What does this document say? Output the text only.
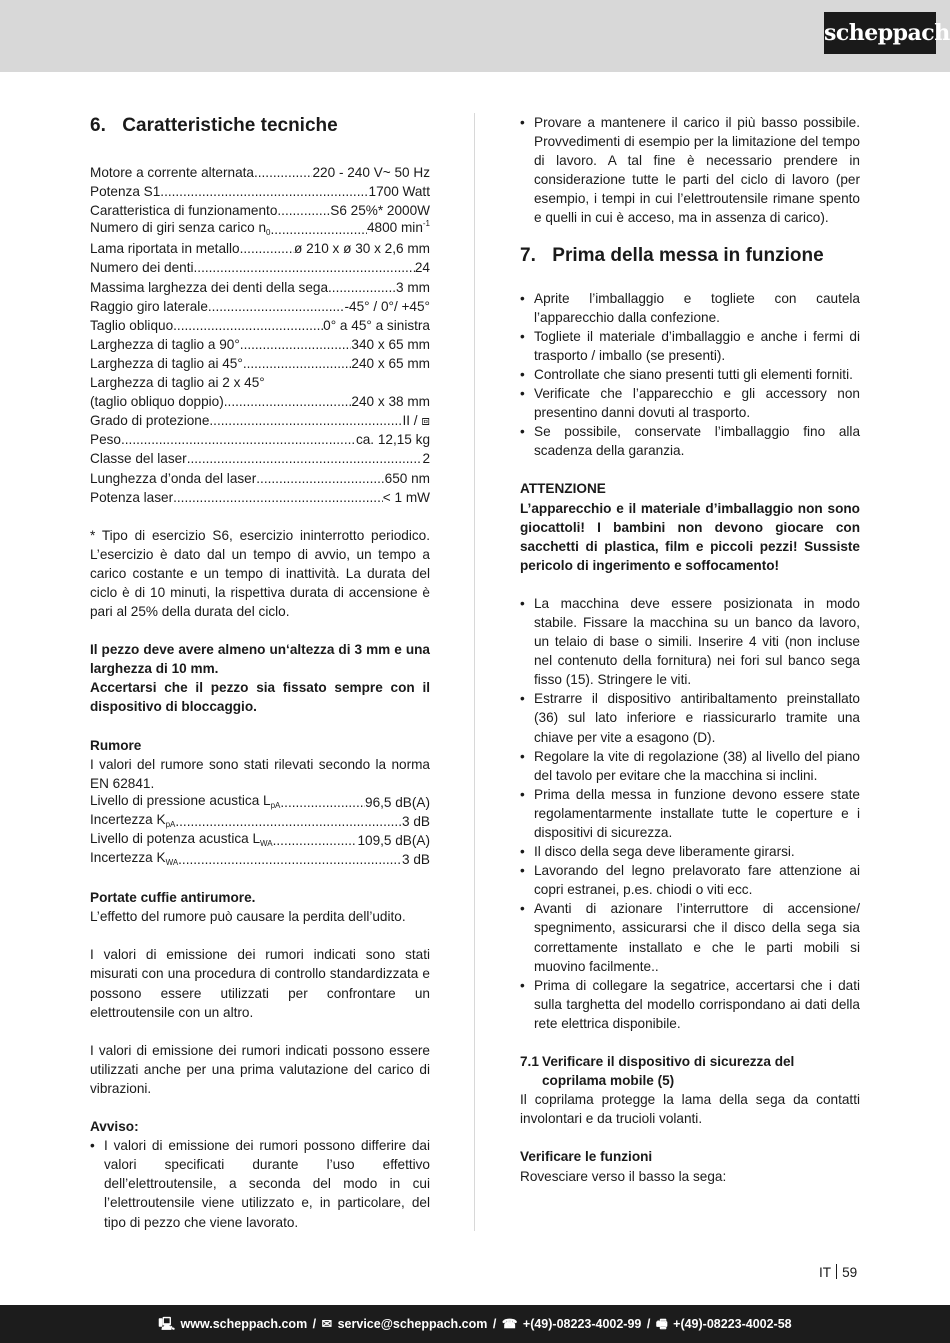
scheppach
6. Caratteristiche tecniche
Motore a corrente alternata .....	220 - 240 V~ 50 Hz
Potenza S1 .....	1700 Watt
Caratteristica di funzionamento .....	S6 25%* 2000W
Numero di giri senza carico $n_0$ .....	4800 $\min^{-1}$
Lama riportata in metallo .....	ø 210 x ø 30 x 2,6 mm
Numero dei denti .....	24
Massima larghezza dei denti della sega .....	3 mm
Raggio giro laterale .....	-45° / 0°/ +45°
Taglio obliquo .....	0° a 45° a sinistra
Larghezza di taglio a 90° .....	340 x 65 mm
Larghezza di taglio ai 45° .....	240 x 65 mm
Larghezza di taglio ai 2 x 45°
(taglio obliquo doppio) .....	240 x 38 mm
Grado di protezione .....	II / ⧈
Peso .....	ca. 12,15 kg
Classe del laser .....	2
Lunghezza d’onda del laser .....	650 nm
Potenza laser .....	< 1 mW

* Tipo di esercizio S6, esercizio ininterrotto periodico. L’esercizio è dato dal un tempo di avvio, un tempo a carico costante e un tempo di inattività. La durata del ciclo è di 10 minuti, la rispettiva durata di accensione è pari al 25% della durata del ciclo.

Il pezzo deve avere almeno un‘altezza di 3 mm e una larghezza di 10 mm.

Accertarsi che il pezzo sia fissato sempre con il dispositivo di bloccaggio.

Rumore

I valori del rumore sono stati rilevati secondo la norma EN 62841.

Livello di pressione acustica $L_{pA}$ .....	96,5 dB(A)
Incertezza $K_{pA}$ .....	3 dB
Livello di potenza acustica $L_{WA}$ .....	109,5 dB(A)
Incertezza $K_{WA}$ .....	3 dB
Portate cuffie antirumore.

L’effetto del rumore può causare la perdita dell’udito.

I valori di emissione dei rumori indicati sono stati misurati con una procedura di controllo standardizzata e possono essere utilizzati per confrontare un elettroutensile con un altro.

I valori di emissione dei rumori indicati possono essere utilizzati anche per una prima valutazione del carico di vibrazioni.

Avviso:
• I valori di emissione dei rumori possono differire dai valori specificati durante l’uso effettivo dell’elettroutensile, a seconda del modo in cui l’elettroutensile viene utilizzato e, in particolare, del tipo di pezzo che viene lavorato.
• Provare a mantenere il carico il più basso possibile. Provvedimenti di esempio per la limitazione del tempo di lavoro. A tal fine è necessario prendere in considerazione tutte le parti del ciclo di lavoro (per esempio, i tempi in cui l’elettroutensile rimane spento e quelli in cui è acceso, ma in assenza di carico).
7. Prima della messa in funzione
• Aprite l’imballaggio e togliete con cautela l’apparecchio dalla confezione.
• Togliete il materiale d’imballaggio e anche i fermi di trasporto / imballo (se presenti).
• Controllate che siano presenti tutti gli elementi forniti.
• Verificate che l’apparecchio e gli accessory non presentino danni dovuti al trasporto.
• Se possibile, conservate l’imballaggio fino alla scadenza della garanzia.
ATTENZIONE

L’apparecchio e il materiale d’imballaggio non sono giocattoli! I bambini non devono giocare con sacchetti di plastica, film e piccoli pezzi! Sussiste pericolo di ingerimento e soffocamento!

• La macchina deve essere posizionata in modo stabile. Fissare la macchina su un banco da lavoro, un telaio di base o simili. Inserire 4 viti (non incluse nel contenuto della fornitura) nei fori sul banco sega fisso (15). Stringere le viti.
• Estrarre il dispositivo antiribaltamento preinstallato (36) sul lato inferiore e riassicurarlo tramite una chiave per vite a esagono (D).
• Regolare la vite di regolazione (38) al livello del piano del tavolo per evitare che la macchina si inclini.
• Prima della messa in funzione devono essere state regolamentarmente installate tutte le coperture e i dispositivi di sicurezza.
• Il disco della sega deve liberamente girarsi.
• Lavorando del legno prelavorato fare attenzione ai copri estranei, p.es. chiodi o viti ecc.
• Avanti di azionare l’interruttore di accensione/ spegnimento, assicurarsi che il disco della sega sia correttamente installato e che le parti mobili si muovino facilmente..
• Prima di collegare la segatrice, accertarsi che i dati sulla targhetta del modello corrispondano ai dati della rete elettrica disponibile.
7.1 Verificare il dispositivo di sicurezza del coprilama mobile (5)

Il coprilama protegge la lama della sega da contatti involontari e da trucioli volanti.

Verificare le funzioni

Rovesciare verso il basso la sega:

IT 59
🖳 www.scheppach.com / ✉ service@scheppach.com / ☎ +(49)-08223-4002-99 / 🖷 +(49)-08223-4002-58
